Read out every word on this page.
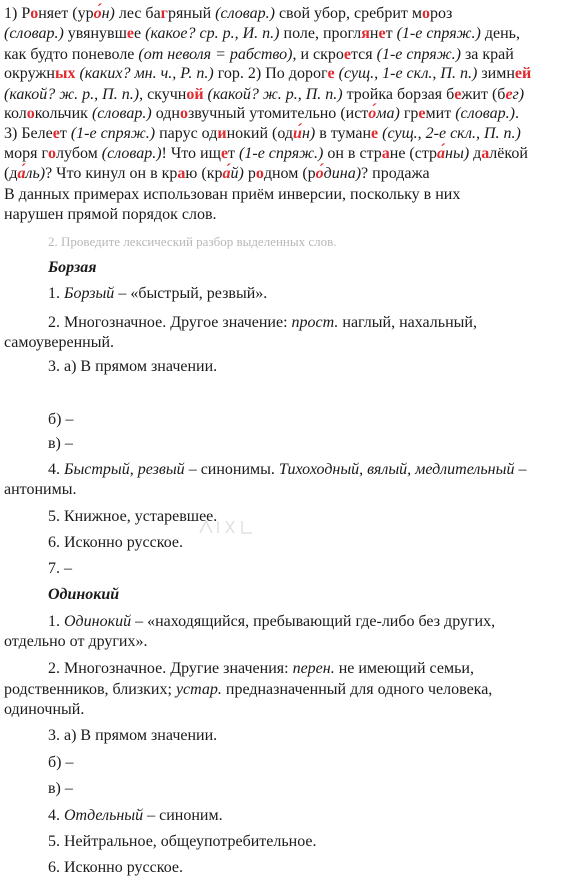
1) Роняет (уро́н) лес багряный (словар.) свой убор, сребрит мороз
(словар.) увянувшее (какое? ср. р., И. п.) поле, проглянет (1-е спряж.) день,
как будто поневоле (от неволя = рабство), и скроется (1-е спряж.) за край
окружных (каких? мн. ч., Р. п.) гор. 2) По дороге (сущ., 1-е скл., П. п.) зимней
(какой? ж. р., П. п.), скучной (какой? ж. р., П. п.) тройка борзая бежит (бег)
колокольчик (словар.) однозвучный утомительно (исто́ма) гремит (словар.).
3) Белеет (1-е спряж.) парус одинокий (оди́н) в тумане (сущ., 2-е скл., П. п.)
моря голубом (словар.)! Что ищет (1-е спряж.) он в стране (стра́ны) далёкой
(да́ль)? Что кинул он в краю (кра́й) родном (ро́дина)? продажа
В данных примерах использован приём инверсии, поскольку в них
нарушен прямой порядок слов.
2. Проведите лексический разбор выделенных слов.
Борзая
1. Борзый – «быстрый, резвый».
2. Многозначное. Другое значение: прост. наглый, нахальный,
самоуверенный.
3. а) В прямом значении.
б) –
в) –
4. Быстрый, резвый – синонимы. Тихоходный, вялый, медлительный –
антонимы.
5. Книжное, устаревшее.
6. Исконно русское.
7. –
Одинокий
1. Одинокий – «находящийся, пребывающий где-либо без других,
отдельно от других».
2. Многозначное. Другие значения: перен. не имеющий семьи,
родственников, близких; устар. предназначенный для одного человека,
одиночный.
3. а) В прямом значении.
б) –
в) –
4. Отдельный – синоним.
5. Нейтральное, общеупотребительное.
6. Исконно русское.
